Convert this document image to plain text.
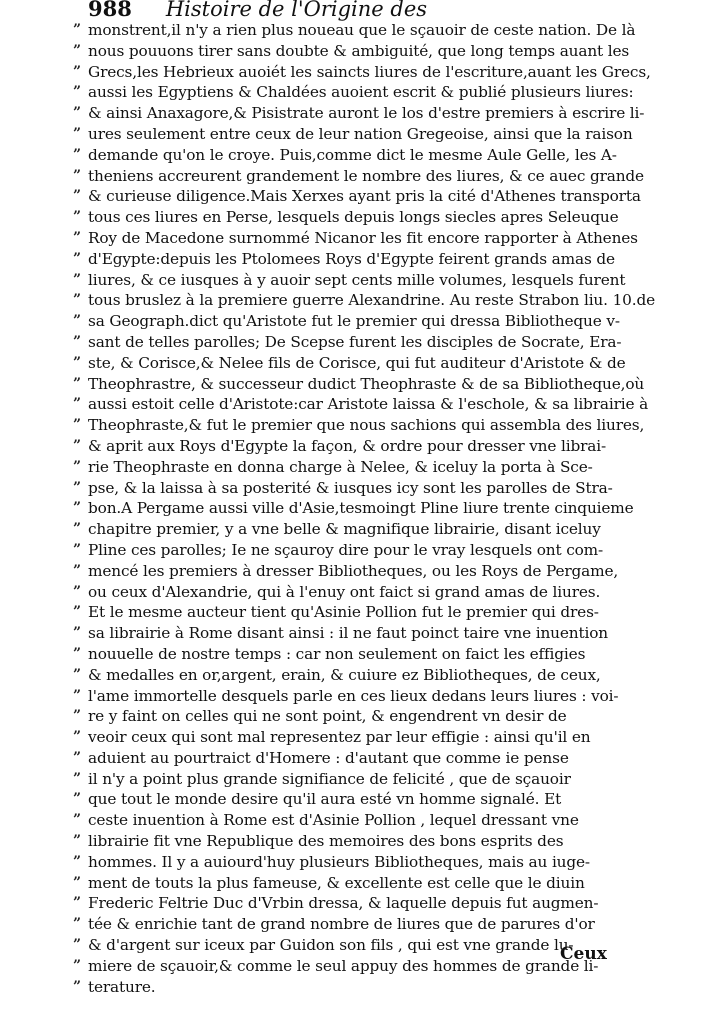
988 Histoire de l'Origine des
” monstrent,il n'y a rien plus noueau que le sçauoir de ceste nation. De là
” nous pouuons tirer sans doubte & ambiguité, que long temps auant les
” Grecs,les Hebrieux auoiét les saincts liures de l'escriture,auant les Grecs,
” aussi les Egyptiens & Chaldées auoient escrit & publié plusieurs liures:
” & ainsi Anaxagore,& Pisistrate auront le los d'estre premiers à escrire li-
” ures seulement entre ceux de leur nation Gregeoise, ainsi que la raison
” demande qu'on le croye. Puis,comme dict le mesme Aule Gelle, les A-
” theniens accreurent grandement le nombre des liures, & ce auec grande
” & curieuse diligence.Mais Xerxes ayant pris la cité d'Athenes transporta
” tous ces liures en Perse, lesquels depuis longs siecles apres Seleuque
” Roy de Macedone surnommé Nicanor les fit encore rapporter à Athenes
” d'Egypte:depuis les Ptolomees Roys d'Egypte feirent grands amas de
” liures, & ce iusques à y auoir sept cents mille volumes, lesquels furent
” tous bruslez à la premiere guerre Alexandrine. Au reste Strabon liu. 10.de
” sa Geograph.dict qu'Aristote fut le premier qui dressa Bibliotheque v-
” sant de telles parolles; De Scepse furent les disciples de Socrate, Era-
” ste, & Corisce,& Nelee fils de Corisce, qui fut auditeur d'Aristote & de
” Theophrastre, & successeur dudict Theophraste & de sa Bibliotheque,où
” aussi estoit celle d'Aristote:car Aristote laissa & l'eschole, & sa librairie à
” Theophraste,& fut le premier que nous sachions qui assembla des liures,
” & aprit aux Roys d'Egypte la façon, & ordre pour dresser vne librai-
” rie Theophraste en donna charge à Nelee, & iceluy la porta à Sce-
” pse, & la laissa à sa posterité & iusques icy sont les parolles de Stra-
” bon.A Pergame aussi ville d'Asie,tesmoingt Pline liure trente cinquieme
” chapitre premier, y a vne belle & magnifique librairie, disant iceluy
” Pline ces parolles; Ie ne sçauroy dire pour le vray lesquels ont com-
” mencé les premiers à dresser Bibliotheques, ou les Roys de Pergame,
” ou ceux d'Alexandrie, qui à l'enuy ont faict si grand amas de liures.
” Et le mesme aucteur tient qu'Asinie Pollion fut le premier qui dres-
” sa librairie à Rome disant ainsi : il ne faut poinct taire vne inuention
” nouuelle de nostre temps : car non seulement on faict les effigies
” & medalles en or,argent, erain, & cuiure ez Bibliotheques, de ceux,
” l'ame immortelle desquels parle en ces lieux dedans leurs liures : voi-
” re y faint on celles qui ne sont point, & engendrent vn desir de
” veoir ceux qui sont mal representez par leur effigie : ainsi qu'il en
” aduient au pourtraict d'Homere : d'autant que comme ie pense
” il n'y a point plus grande signifiance de felicité , que de sçauoir
” que tout le monde desire qu'il aura esté vn homme signalé. Et
” ceste inuention à Rome est d'Asinie Pollion , lequel dressant vne
” librairie fit vne Republique des memoires des bons esprits des
” hommes. Il y a auiourd'huy plusieurs Bibliotheques, mais au iuge-
” ment de touts la plus fameuse, & excellente est celle que le diuin
” Frederic Feltrie Duc d'Vrbin dressa, & laquelle depuis fut augmen-
” tée & enrichie tant de grand nombre de liures que de parures d'or
” & d'argent sur iceux par Guidon son fils , qui est vne grande lu-
” miere de sçauoir,& comme le seul appuy des hommes de grande li-
” terature.
Ceux
